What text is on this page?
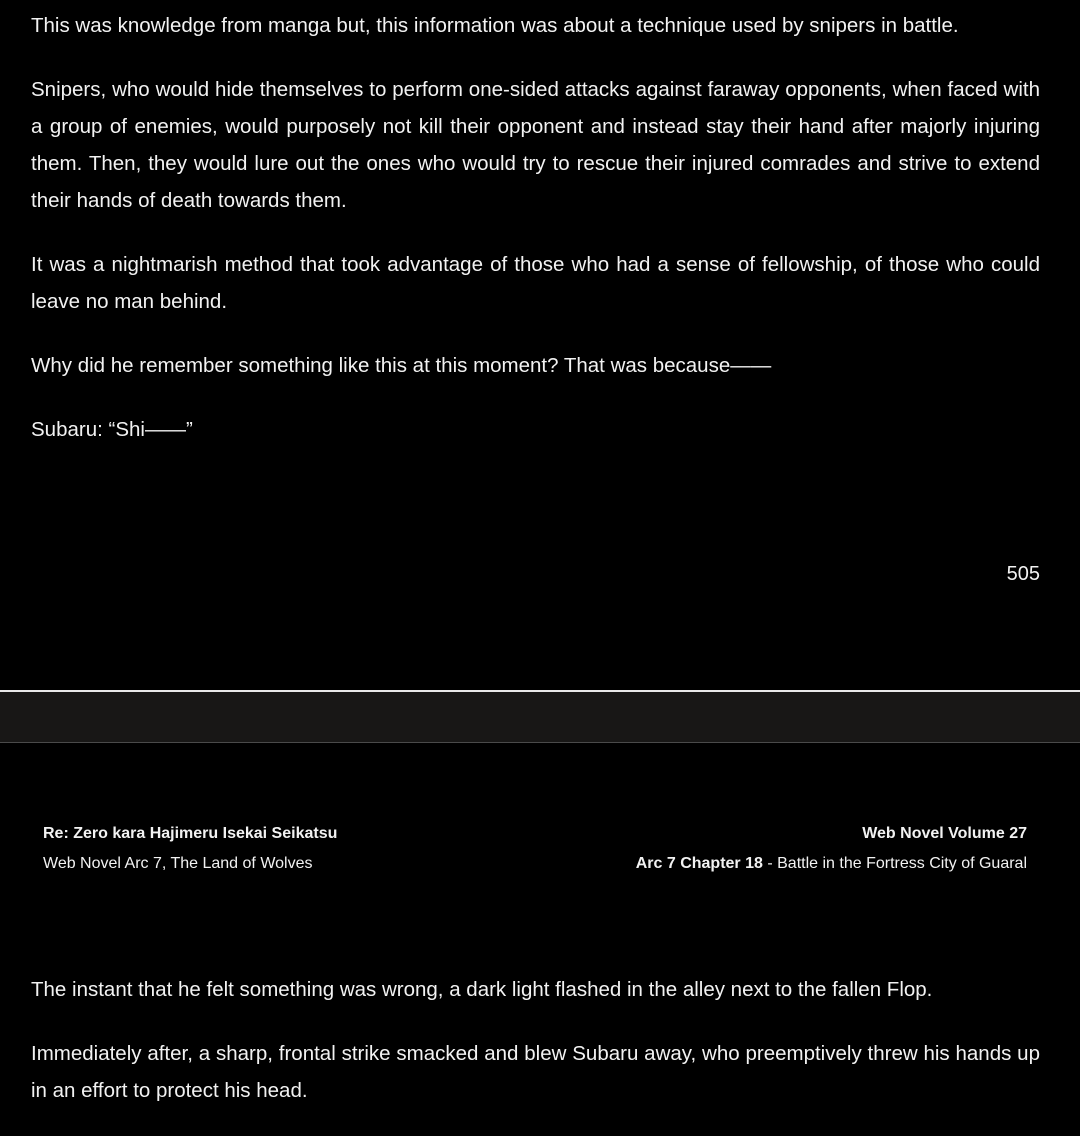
This was knowledge from manga but, this information was about a technique used by snipers in battle.

Snipers, who would hide themselves to perform one-sided attacks against faraway opponents, when faced with a group of enemies, would purposely not kill their opponent and instead stay their hand after majorly injuring them. Then, they would lure out the ones who would try to rescue their injured comrades and strive to extend their hands of death towards them.

It was a nightmarish method that took advantage of those who had a sense of fellowship, of those who could leave no man behind.

Why did he remember something like this at this moment? That was because——

Subaru: “Shi——”

505
Re: Zero kara Hajimeru Isekai Seikatsu	Web Novel Volume 27
Web Novel Arc 7, The Land of Wolves	Arc 7 Chapter 18 - Battle in the Fortress City of Guaral

The instant that he felt something was wrong, a dark light flashed in the alley next to the fallen Flop.

Immediately after, a sharp, frontal strike smacked and blew Subaru away, who preemptively threw his hands up in an effort to protect his head.
